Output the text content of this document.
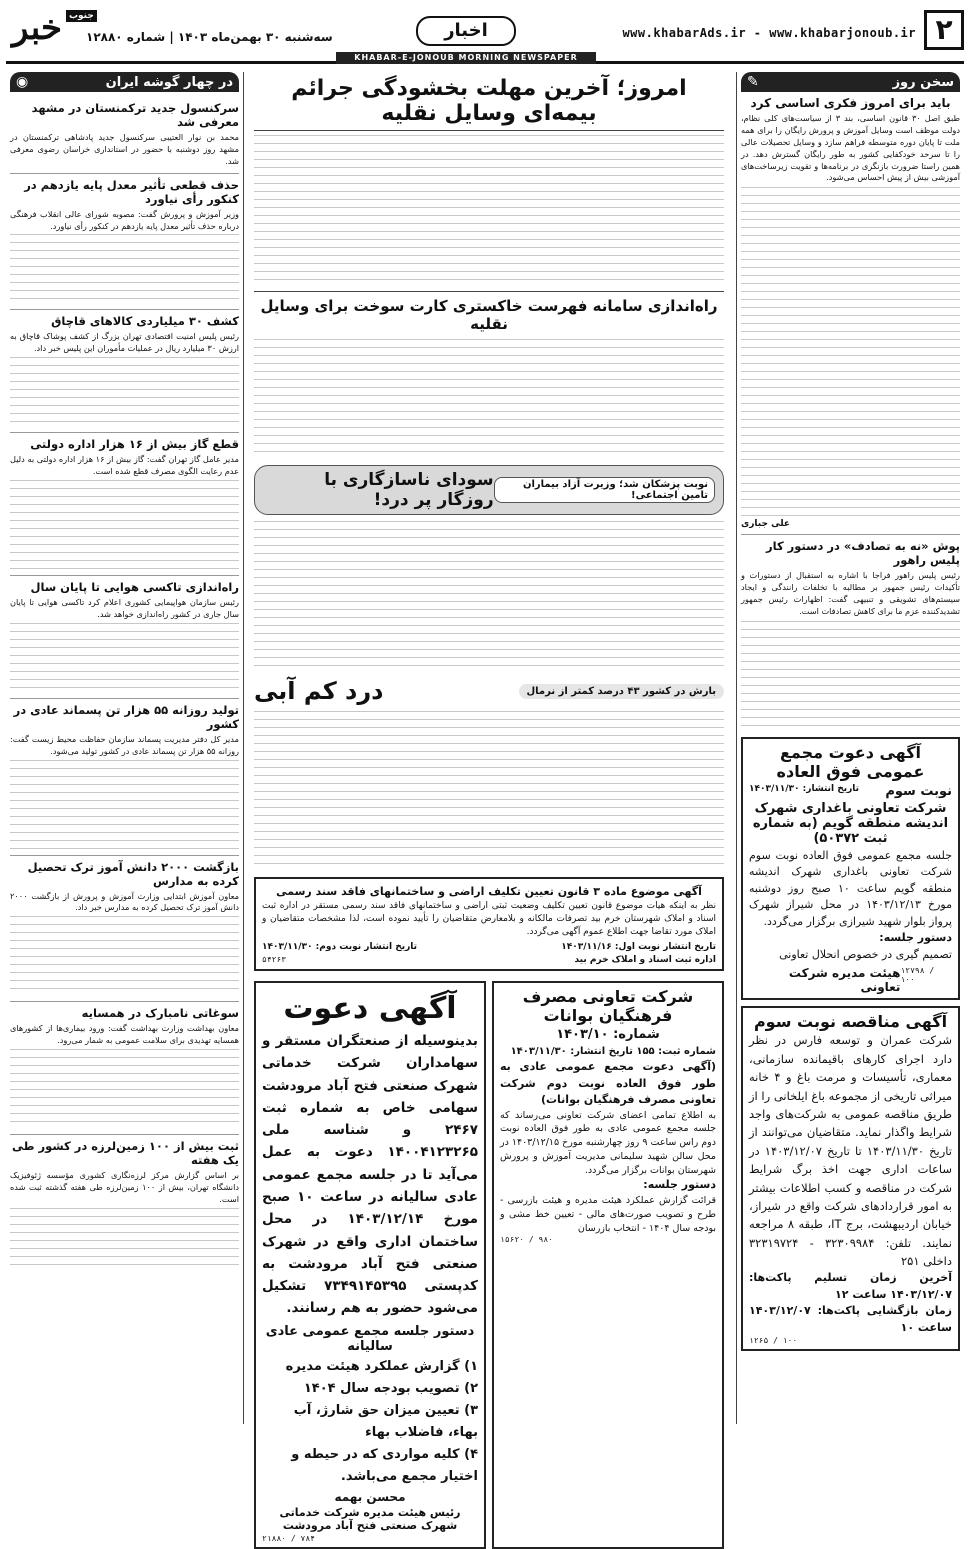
۲
www.khabarAds.ir - www.khabarjonoub.ir
اخبار
KHABAR-E-JONOUB MORNING NEWSPAPER
خبر جنوب
سه‌شنبه ۳۰ بهمن‌ماه ۱۴۰۳ | شماره ۱۲۸۸۰
سخن روز
✎
باید برای امروز فکری اساسی کرد
طبق اصل ۳۰ قانون اساسی، بند ۳ از سیاست‌های کلی نظام، دولت موظف است وسایل آموزش و پرورش رایگان را برای همه ملت تا پایان دوره متوسطه فراهم سازد و وسایل تحصیلات عالی را تا سرحد خودکفایی کشور به طور رایگان گسترش دهد. در همین راستا ضرورت بازنگری در برنامه‌ها و تقویت زیرساخت‌های آموزشی بیش از پیش احساس می‌شود.
علی جباری
پوش «نه به تصادف» در دستور کار پلیس راهور
رئیس پلیس راهور فراجا با اشاره به استقبال از دستورات و تأکیدات رئیس جمهور بر مطالبه با تخلفات رانندگی و ایجاد سیستم‌های تشویقی و تنبیهی گفت: اظهارات رئیس جمهور تشدیدکننده عزم ما برای کاهش تصادفات است.
آگهی دعوت مجمع عمومی فوق العاده
نوبت سوم
تاریخ انتشار: ۱۴۰۳/۱۱/۳۰
شرکت تعاونی باغداری شهرک اندیشه منطقه گویم (به شماره ثبت ۵۰۳۷۲)
جلسه مجمع عمومی فوق العاده نوبت سوم شرکت تعاونی باغداری شهرک اندیشه منطقه گویم ساعت ۱۰ صبح روز دوشنبه مورخ ۱۴۰۳/۱۲/۱۳ در محل شیراز شهرک پرواز بلوار شهید شیرازی برگزار می‌گردد.
دستور جلسه:
تصمیم گیری در خصوص انحلال تعاونی
۱۲۷۹۸ / ۱۰۰
هیئت مدیره شرکت تعاونی
آگهی مناقصه نوبت سوم
شرکت عمران و توسعه فارس در نظر دارد اجرای کارهای باقیمانده سازمانی، معماری، تأسیسات و مرمت باغ و ۴ خانه میراثی تاریخی از مجموعه باغ ایلخانی را از طریق مناقصه عمومی به شرکت‌های واجد شرایط واگذار نماید. متقاضیان می‌توانند از تاریخ ۱۴۰۳/۱۱/۳۰ تا تاریخ ۱۴۰۳/۱۲/۰۷ در ساعات اداری جهت اخذ برگ شرایط شرکت در مناقصه و کسب اطلاعات بیشتر به امور قراردادهای شرکت واقع در شیراز، خیابان اردیبهشت، برج IT، طبقه ۸ مراجعه نمایند. تلفن: ۳۲۳۰۹۹۸۴ - ۳۲۳۱۹۷۲۴ داخلی ۲۵۱
آخرین زمان تسلیم پاکت‌ها: ۱۴۰۳/۱۲/۰۷ ساعت ۱۲
زمان بازگشایی پاکت‌ها: ۱۴۰۳/۱۲/۰۷ ساعت ۱۰
۱۲۶۵ / ۱۰۰
امروز؛ آخرین مهلت بخشودگی جرائم بیمه‌ای وسایل نقلیه
راه‌اندازی سامانه فهرست خاکستری کارت سوخت برای وسایل نقلیه
نوبت پزشکان شد؛ وزیرت آزاد بیماران تامین اجتماعی!
سودای ناسازگاری با روزگار پر درد!
بارش در کشور ۴۳ درصد کمتر از نرمال
درد کم آبی
آگهی موضوع ماده ۳ قانون تعیین تکلیف اراضی و ساختمانهای فاقد سند رسمی
نظر به اینکه هیات موضوع قانون تعیین تکلیف وضعیت ثبتی اراضی و ساختمانهای فاقد سند رسمی مستقر در اداره ثبت اسناد و املاک شهرستان خرم بید تصرفات مالکانه و بلامعارض متقاضیان را تأیید نموده است، لذا مشخصات متقاضیان و املاک مورد تقاضا جهت اطلاع عموم آگهی می‌گردد.
تاریخ انتشار نوبت اول: ۱۴۰۳/۱۱/۱۶
تاریخ انتشار نوبت دوم: ۱۴۰۳/۱۱/۳۰
اداره ثبت اسناد و املاک خرم بید
۵۴۲۶۳
شرکت تعاونی مصرف فرهنگیان بوانات
شماره: ۱۴۰۳/۱۰
شماره ثبت: ۱۵۵ تاریخ انتشار: ۱۴۰۳/۱۱/۳۰
(آگهی دعوت مجمع عمومی عادی به طور فوق العاده نوبت دوم شرکت تعاونی مصرف فرهنگیان بوانات)
به اطلاع تمامی اعضای شرکت تعاونی می‌رساند که جلسه مجمع عمومی عادی به طور فوق العاده نوبت دوم راس ساعت ۹ روز چهارشنبه مورخ ۱۴۰۳/۱۲/۱۵ در محل سالن شهید سلیمانی مدیریت آموزش و پرورش شهرستان بوانات برگزار می‌گردد.
دستور جلسه:
قرائت گزارش عملکرد هیئت مدیره و هیئت بازرسی - طرح و تصویب صورت‌های مالی - تعیین خط مشی و بودجه سال ۱۴۰۴ - انتخاب بازرسان
۱۵۶۲۰ / ۹۸۰
آگهی دعوت
بدینوسیله از صنعتگران مستقر و سهامداران شرکت خدماتی شهرک صنعتی فتح آباد مرودشت سهامی خاص به شماره ثبت ۲۴۶۷ و شناسه ملی ۱۴۰۰۴۱۲۳۲۶۵ دعوت به عمل می‌آید تا در جلسه مجمع عمومی عادی سالیانه در ساعت ۱۰ صبح مورخ ۱۴۰۳/۱۲/۱۴ در محل ساختمان اداری واقع در شهرک صنعتی فتح آباد مرودشت به کدپستی ۷۳۴۹۱۴۵۳۹۵ تشکیل می‌شود حضور به هم رسانند.
دستور جلسه مجمع عمومی عادی سالیانه
۱) گزارش عملکرد هیئت مدیره
۲) تصویب بودجه سال ۱۴۰۴
۳) تعیین میزان حق شارژ، آب بهاء، فاضلاب بهاء
۴) کلیه مواردی که در حیطه و اختیار مجمع می‌باشد.
محسن بهمه
رئیس هیئت مدیره شرکت خدماتی شهرک صنعتی فتح آباد مرودشت
۲۱۸۸۰ / ۷۸۴
در چهار گوشه ایران
◉
سرکنسول جدید ترکمنستان در مشهد معرفی شد
محمد بن نوار العتیبی سرکنسول جدید پادشاهی ترکمنستان در مشهد روز دوشنبه با حضور در استانداری خراسان رضوی معرفی شد.
حذف قطعی تأثیر معدل پایه یازدهم در کنکور رأی نیاورد
وزیر آموزش و پرورش گفت: مصوبه شورای عالی انقلاب فرهنگی درباره حذف تأثیر معدل پایه یازدهم در کنکور رأی نیاورد.
کشف ۳۰ میلیاردی کالاهای قاچاق
رئیس پلیس امنیت اقتصادی تهران بزرگ از کشف پوشاک قاچاق به ارزش ۳۰ میلیارد ریال در عملیات مأموران این پلیس خبر داد.
قطع گاز بیش از ۱۶ هزار اداره دولتی
مدیر عامل گاز تهران گفت: گاز بیش از ۱۶ هزار اداره دولتی به دلیل عدم رعایت الگوی مصرف قطع شده است.
راه‌اندازی تاکسی هوایی تا پایان سال
رئیس سازمان هواپیمایی کشوری اعلام کرد تاکسی هوایی تا پایان سال جاری در کشور راه‌اندازی خواهد شد.
تولید روزانه ۵۵ هزار تن پسماند عادی در کشور
مدیر کل دفتر مدیریت پسماند سازمان حفاظت محیط زیست گفت: روزانه ۵۵ هزار تن پسماند عادی در کشور تولید می‌شود.
بازگشت ۲۰۰۰ دانش آموز ترک تحصیل کرده به مدارس
معاون آموزش ابتدایی وزارت آموزش و پرورش از بازگشت ۲۰۰۰ دانش آموز ترک تحصیل کرده به مدارس خبر داد.
سوغاتی نامبارک در همسایه
معاون بهداشت وزارت بهداشت گفت: ورود بیماری‌ها از کشورهای همسایه تهدیدی برای سلامت عمومی به شمار می‌رود.
ثبت بیش از ۱۰۰ زمین‌لرزه در کشور طی یک هفته
بر اساس گزارش مرکز لرزه‌نگاری کشوری مؤسسه ژئوفیزیک دانشگاه تهران، بیش از ۱۰۰ زمین‌لرزه طی هفته گذشته ثبت شده است.
